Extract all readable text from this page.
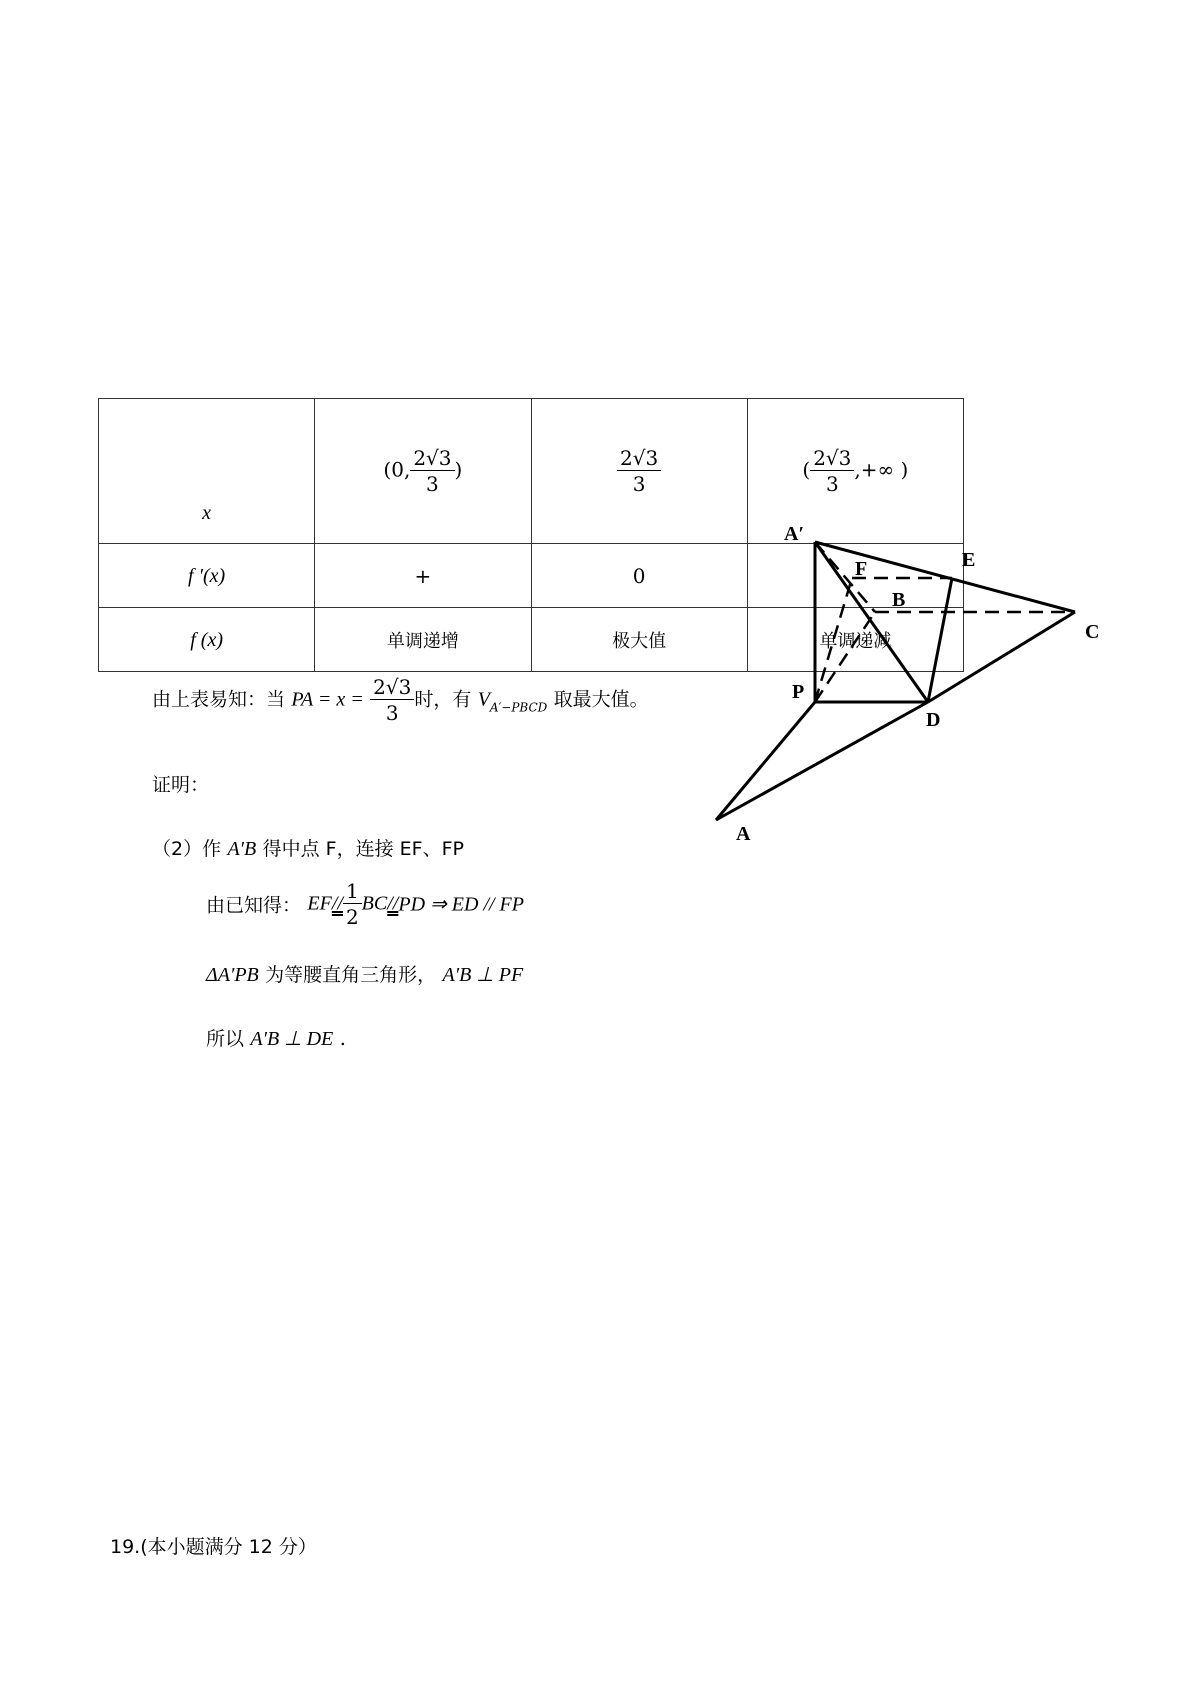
x	(0, $\frac{2√3}{3}$ )	$\frac{2√3}{3}$	( $\frac{2√3}{3}$ ,+∞ )
f ′(x)	+	0	
f (x)	单调递增	极大值	单调递减
由上表易知：当 PA = $x = \frac{2√3}{3}$ 时，有 $V_{A'-PBCD}$ 取最大值。
证明：
（2）作 A′B 得中点 F，连接 EF、FP
由已知得： $EF// \frac{1}{2} BC//PD$ ⇒ ED // FP
ΔA′PB 为等腰直角三角形， A′B ⊥ PF
所以 A′B ⊥ DE .
19.(本小题满分 12 分）
A′
E
F
B
C
P
D
A
